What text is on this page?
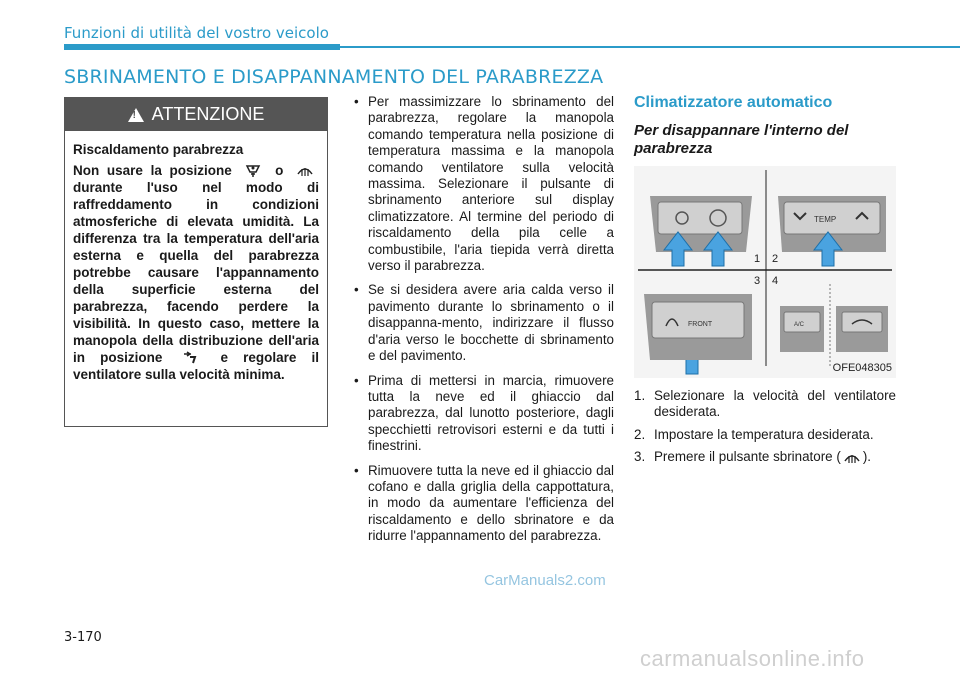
Funzioni di utilità del vostro veicolo
SBRINAMENTO E DISAPPANNAMENTO DEL PARABREZZA
!
ATTENZIONE

Riscaldamento parabrezza

Non usare la posizione	o  durante l'uso nel modo di raffreddamento in condizioni atmosferiche di elevata umidità. La differenza tra la temperatura dell'aria esterna e quella del parabrezza potrebbe causare l'appannamento della superficie esterna del parabrezza, facendo perdere la visibilità. In questo caso, mettere la manopola della distribuzione dell'aria in posizione	e regolare il ventilatore sulla velocità minima.

• Per massimizzare lo sbrinamento del parabrezza, regolare la manopola comando temperatura nella posizione di temperatura massima e la manopola comando ventilatore sulla velocità massima. Selezionare il pulsante di sbrinamento anteriore sul display climatizzatore. Al termine del periodo di riscaldamento della pila celle a combustibile, l'aria tiepida verrà diretta verso il parabrezza.
• Se si desidera avere aria calda verso il pavimento durante lo sbrinamento o il disappanna-mento, indirizzare il flusso d'aria verso le bocchette di sbrinamento e del pavimento.
• Prima di mettersi in marcia, rimuovere tutta la neve ed il ghiaccio dal parabrezza, dal lunotto posteriore, dagli specchietti retrovisori esterni e da tutti i finestrini.
• Rimuovere tutta la neve ed il ghiaccio dal cofano e dalla griglia della cappottatura, in modo da aumentare l'efficienza del riscaldamento e dello sbrinatore e da ridurre l'appannamento del parabrezza.
Climatizzatore automatico
Per disappannare l'interno del parabrezza
TEMP
1 2
3 4
FRONT	A/C
OFE048305
1. Selezionare la velocità del ventilatore desiderata.
2. Impostare la temperatura desiderata.
3. Premere il pulsante sbrinatore ( ).
3-170
CarManuals2.com
carmanualsonline.info
